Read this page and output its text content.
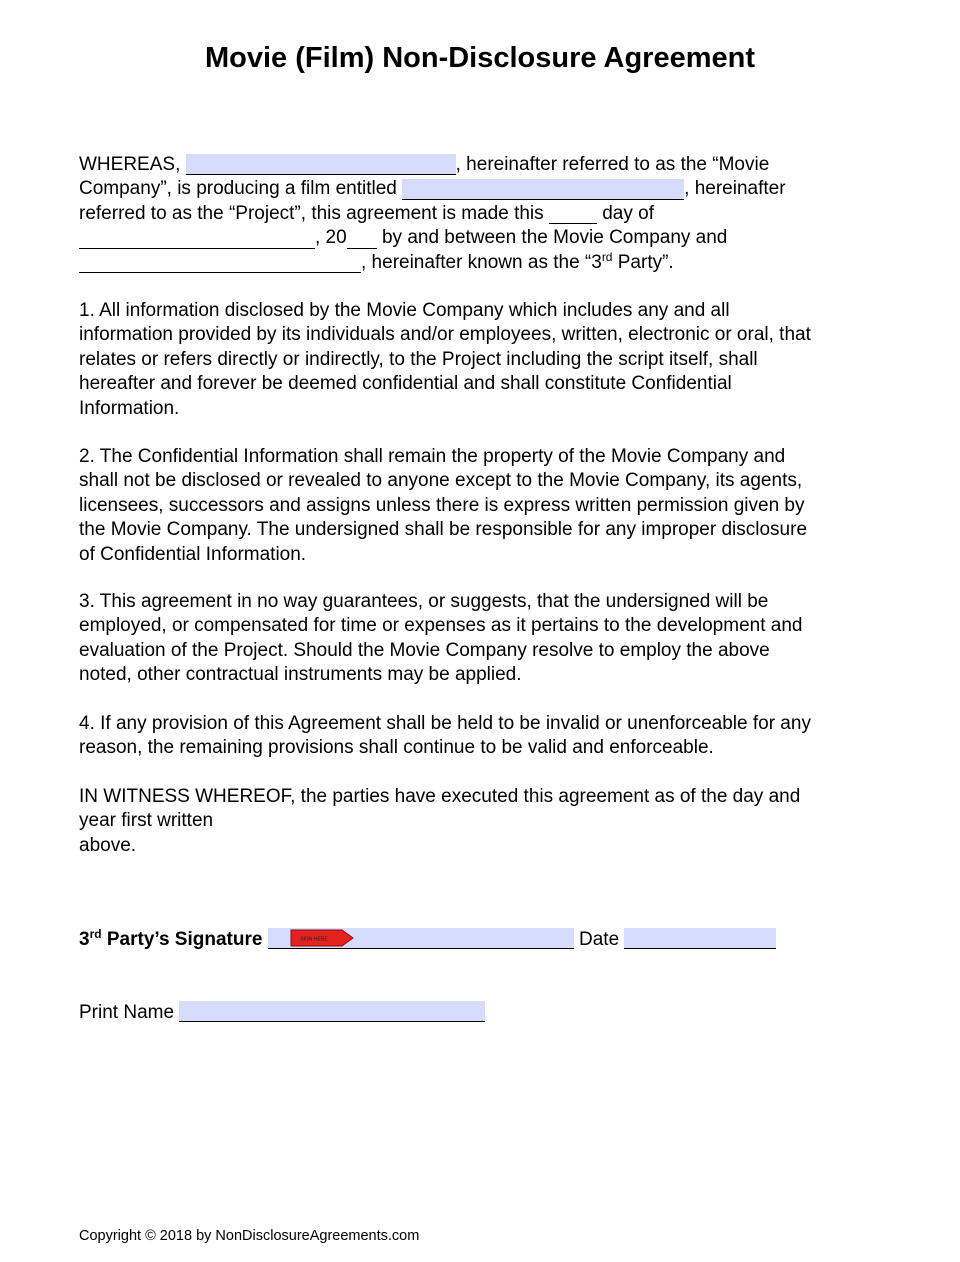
Movie (Film) Non-Disclosure Agreement
WHEREAS,	, hereinafter referred to as the “Movie
Company”, is producing a film entitled	, hereinafter
referred to as the “Project”, this agreement is made this	day of
, 20 by and between the Movie Company and
, hereinafter known as the “3rd Party”.
1. All information disclosed by the Movie Company which includes any and all
information provided by its individuals and/or employees, written, electronic or oral, that
relates or refers directly or indirectly, to the Project including the script itself, shall
hereafter and forever be deemed confidential and shall constitute Confidential
Information.
2. The Confidential Information shall remain the property of the Movie Company and
shall not be disclosed or revealed to anyone except to the Movie Company, its agents,
licensees, successors and assigns unless there is express written permission given by
the Movie Company. The undersigned shall be responsible for any improper disclosure
of Confidential Information.
3. This agreement in no way guarantees, or suggests, that the undersigned will be
employed, or compensated for time or expenses as it pertains to the development and
evaluation of the Project. Should the Movie Company resolve to employ the above
noted, other contractual instruments may be applied.
4. If any provision of this Agreement shall be held to be invalid or unenforceable for any
reason, the remaining provisions shall continue to be valid and enforceable.
IN WITNESS WHEREOF, the parties have executed this agreement as of the day and
year first written
above.
3rd Party’s Signature	Date
SIGN HERE
Print Name
Copyright © 2018 by NonDisclosureAgreements.com
